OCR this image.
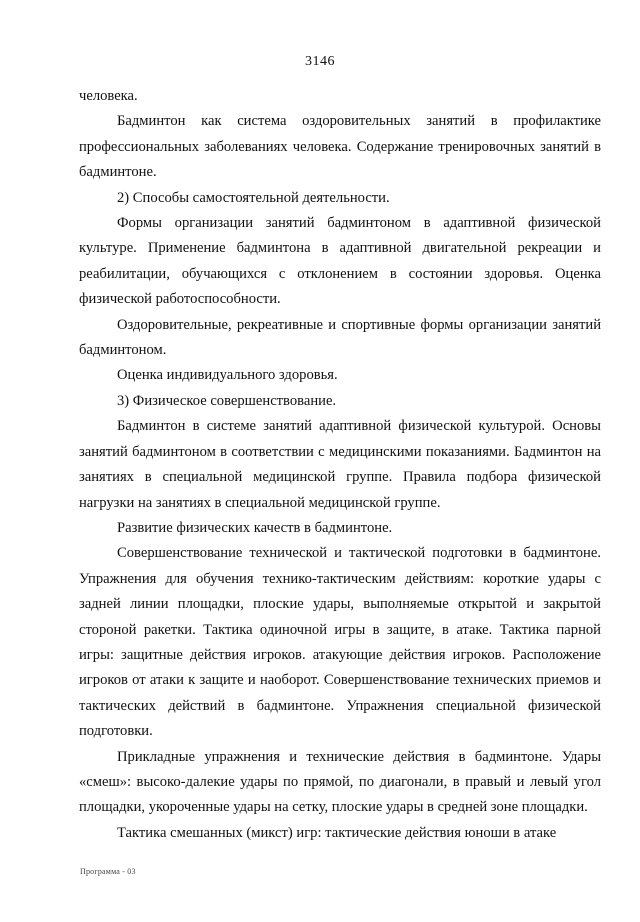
3146

человека.

Бадминтон как система оздоровительных занятий в профилактике профессиональных заболеваниях человека. Содержание тренировочных занятий в бадминтоне.

2) Способы самостоятельной деятельности.

Формы организации занятий бадминтоном в адаптивной физической культуре. Применение бадминтона в адаптивной двигательной рекреации и реабилитации, обучающихся с отклонением в состоянии здоровья. Оценка физической работоспособности.

Оздоровительные, рекреативные и спортивные формы организации занятий бадминтоном.

Оценка индивидуального здоровья.

3) Физическое совершенствование.

Бадминтон в системе занятий адаптивной физической культурой. Основы занятий бадминтоном в соответствии с медицинскими показаниями. Бадминтон на занятиях в специальной медицинской группе. Правила подбора физической нагрузки на занятиях в специальной медицинской группе.

Развитие физических качеств в бадминтоне.

Совершенствование технической и тактической подготовки в бадминтоне. Упражнения для обучения технико-тактическим действиям: короткие удары с задней линии площадки, плоские удары, выполняемые открытой и закрытой стороной ракетки. Тактика одиночной игры в защите, в атаке. Тактика парной игры: защитные действия игроков. атакующие действия игроков. Расположение игроков от атаки к защите и наоборот. Совершенствование технических приемов и тактических действий в бадминтоне. Упражнения специальной физической подготовки.

Прикладные упражнения и технические действия в бадминтоне. Удары «смеш»: высоко-далекие удары по прямой, по диагонали, в правый и левый угол площадки, укороченные удары на сетку, плоские удары в средней зоне площадки.

Тактика смешанных (микст) игр: тактические действия юноши в атаке

Программа - 03
